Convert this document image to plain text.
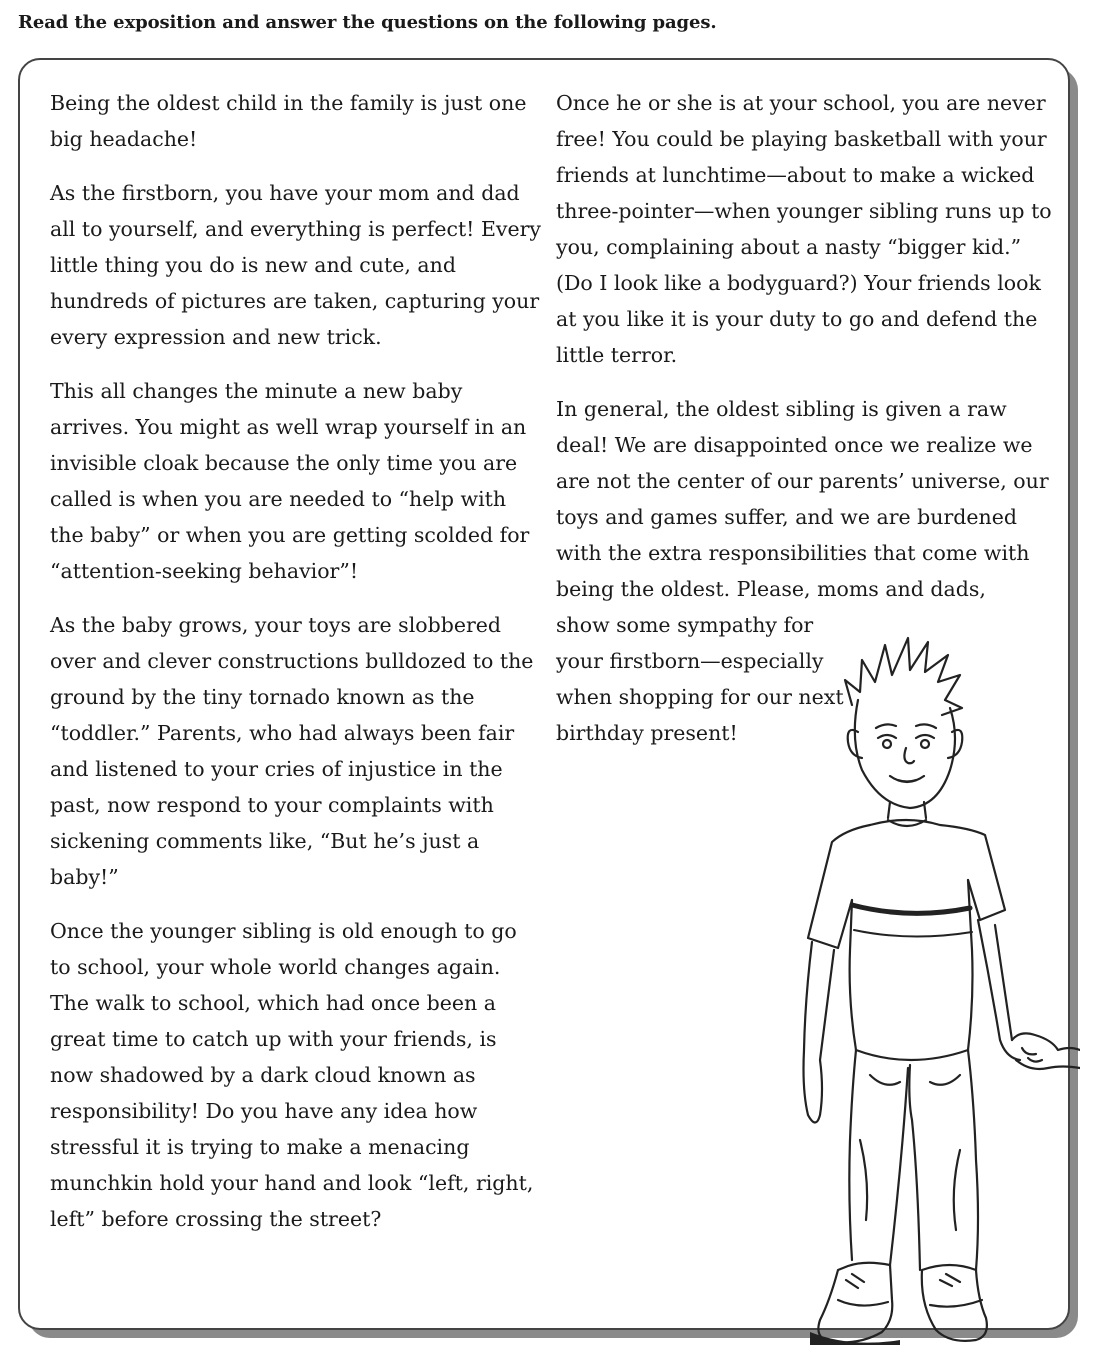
Read the exposition and answer the questions on the following pages.

Being the oldest child in the family is just one big headache!

As the firstborn, you have your mom and dad all to yourself, and everything is perfect! Every little thing you do is new and cute, and hundreds of pictures are taken, capturing your every expression and new trick.

This all changes the minute a new baby arrives. You might as well wrap yourself in an invisible cloak because the only time you are called is when you are needed to “help with the baby” or when you are getting scolded for “attention-seeking behavior”!

As the baby grows, your toys are slobbered over and clever constructions bulldozed to the ground by the tiny tornado known as the “toddler.” Parents, who had always been fair and listened to your cries of injustice in the past, now respond to your complaints with sickening comments like, “But he’s just a baby!”

Once the younger sibling is old enough to go to school, your whole world changes again. The walk to school, which had once been a great time to catch up with your friends, is now shadowed by a dark cloud known as responsibility! Do you have any idea how stressful it is trying to make a menacing munchkin hold your hand and look “left, right, left” before crossing the street?

Once he or she is at your school, you are never free! You could be playing basketball with your friends at lunchtime—about to make a wicked three-pointer—when younger sibling runs up to you, complaining about a nasty “bigger kid.” (Do I look like a bodyguard?) Your friends look at you like it is your duty to go and defend the little terror.

In general, the oldest sibling is given a raw deal! We are disappointed once we realize we are not the center of our parents’ universe, our toys and games suffer, and we are burdened with the extra responsibilities that come with being the oldest. Please, moms and dads,

show some sympathy for your firstborn—especially when shopping for our next birthday present!
